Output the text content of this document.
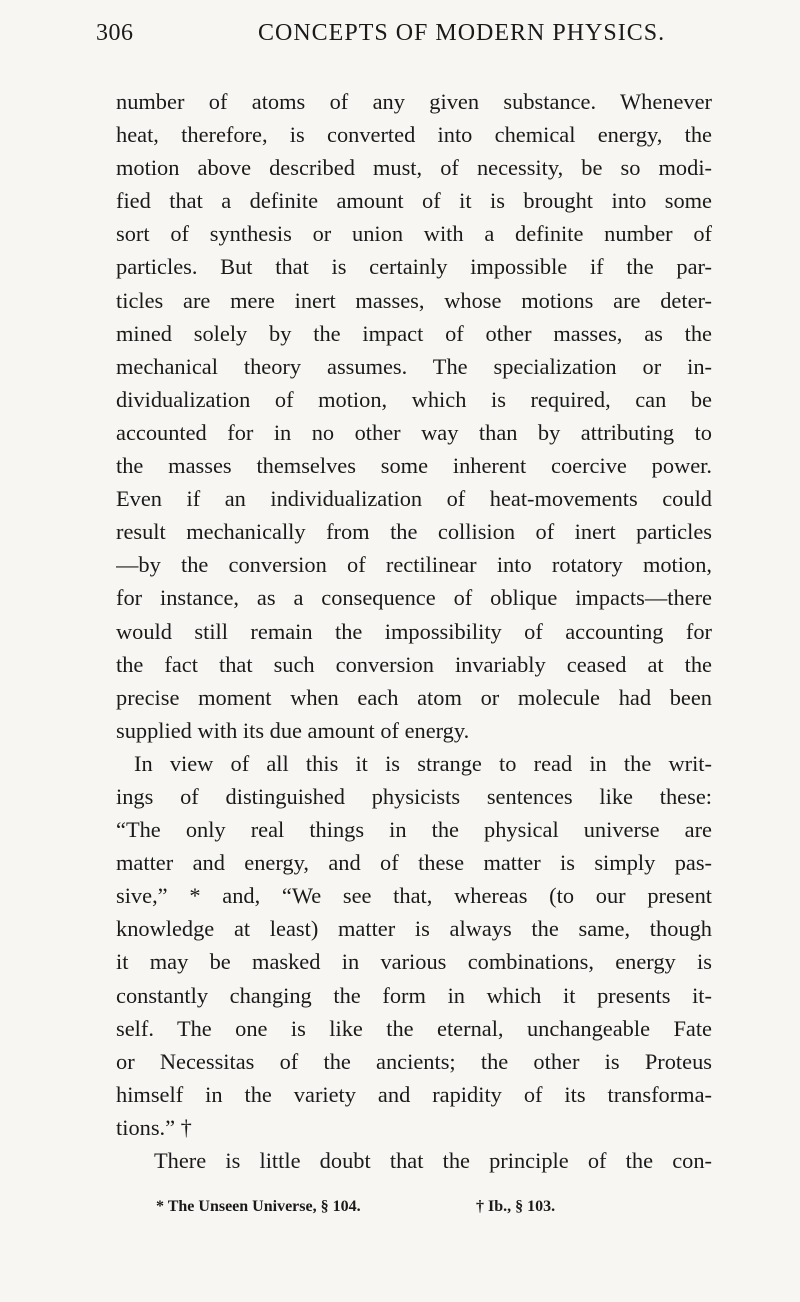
306	CONCEPTS OF MODERN PHYSICS.
number of atoms of any given substance. Whenever
heat, therefore, is converted into chemical energy, the
motion above described must, of necessity, be so modi-
fied that a definite amount of it is brought into some
sort of synthesis or union with a definite number of
particles. But that is certainly impossible if the par-
ticles are mere inert masses, whose motions are deter-
mined solely by the impact of other masses, as the
mechanical theory assumes. The specialization or in-
dividualization of motion, which is required, can be
accounted for in no other way than by attributing to
the masses themselves some inherent coercive power.
Even if an individualization of heat-movements could
result mechanically from the collision of inert particles
—by the conversion of rectilinear into rotatory motion,
for instance, as a consequence of oblique impacts—there
would still remain the impossibility of accounting for
the fact that such conversion invariably ceased at the
precise moment when each atom or molecule had been
supplied with its due amount of energy.
In view of all this it is strange to read in the writ-
ings of distinguished physicists sentences like these:
“The only real things in the physical universe are
matter and energy, and of these matter is simply pas-
sive,” * and, “We see that, whereas (to our present
knowledge at least) matter is always the same, though
it may be masked in various combinations, energy is
constantly changing the form in which it presents it-
self. The one is like the eternal, unchangeable Fate
or Necessitas of the ancients; the other is Proteus
himself in the variety and rapidity of its transforma-
tions.” †
There is little doubt that the principle of the con-
* The Unseen Universe, § 104.	† Ib., § 103.
